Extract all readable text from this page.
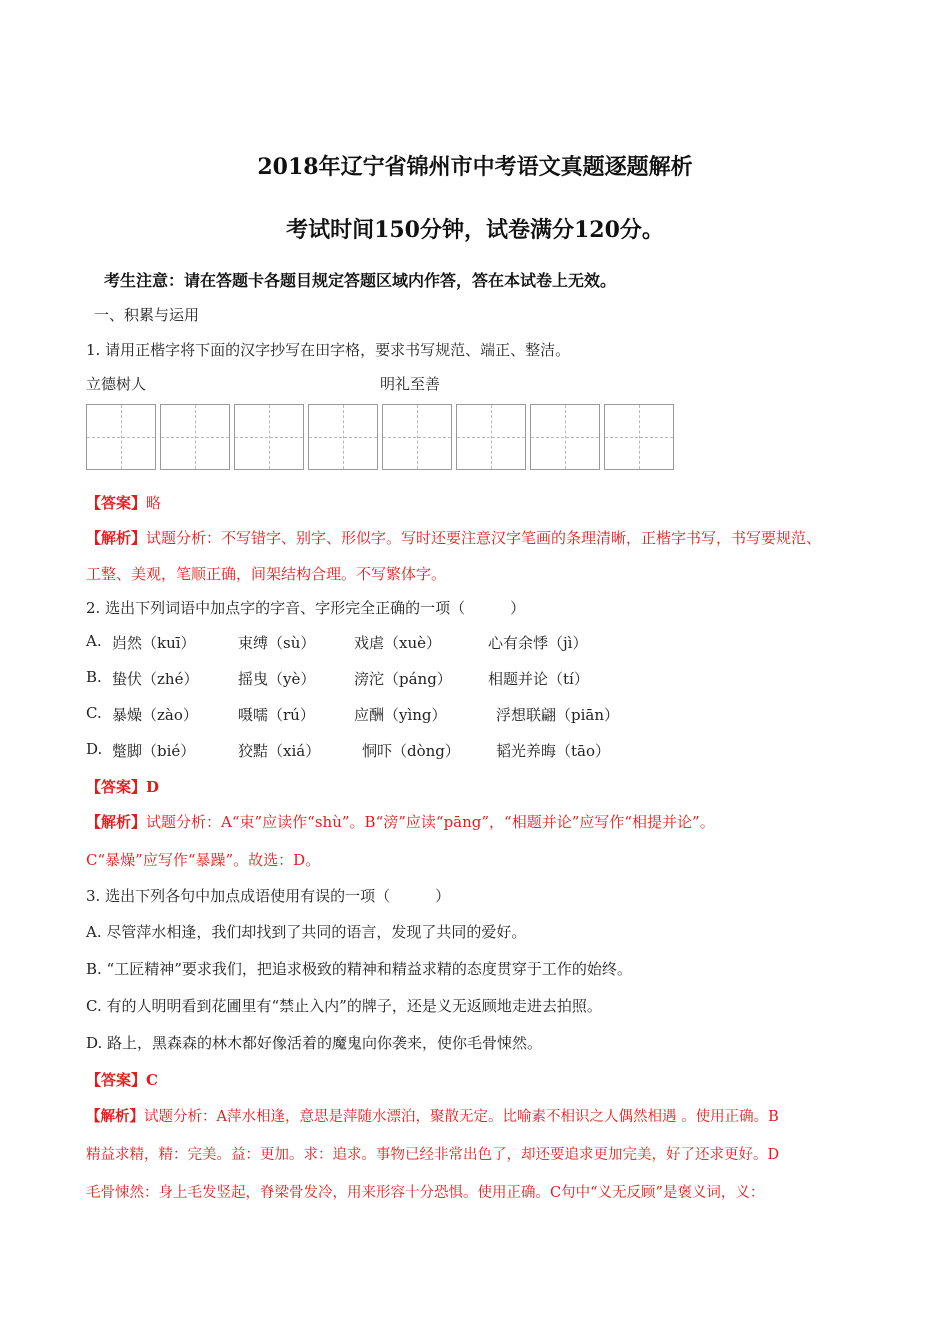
2018年辽宁省锦州市中考语文真题逐题解析
考试时间150分钟，试卷满分120分。
考生注意：请在答题卡各题目规定答题区域内作答，答在本试卷上无效。
一、积累与运用
1. 请用正楷字将下面的汉字抄写在田字格，要求书写规范、端正、整洁。
立德树人	明礼至善
【答案】略
【解析】试题分析：不写错字、别字、形似字。写时还要注意汉字笔画的条理清晰，正楷字书写，书写要规范、
工整、美观，笔顺正确，间架结构合理。不写繁体字。
2. 选出下列词语中加点字的字音、字形完全正确的一项（　　　）
A. 岿然（kuī）	束缚（sù）	戏虐（xuè）	心有余悸（jì）
B. 蛰伏（zhé）	摇曳（yè）	滂沱（páng） 相题并论（tí）
C. 暴燥（zào）	嗫嚅（rú）	应酬（yìng）	浮想联翩（piān）
D. 蹩脚（bié）	狡黠（xiá）	恫吓（dòng） 韬光养晦（tāo）
【答案】D
【解析】试题分析：A“束”应读作“shù”。B“滂”应读“pāng”，“相题并论”应写作“相提并论”。
C“暴燥”应写作“暴躁”。故选：D。
3. 选出下列各句中加点成语使用有误的一项（　　　）
A. 尽管萍水相逢，我们却找到了共同的语言，发现了共同的爱好。
B. “工匠精神”要求我们，把追求极致的精神和精益求精的态度贯穿于工作的始终。
C. 有的人明明看到花圃里有“禁止入内”的牌子，还是义无返顾地走进去拍照。
D. 路上，黑森森的林木都好像活着的魔鬼向你袭来，使你毛骨悚然。
【答案】C
【解析】试题分析：A萍水相逢，意思是萍随水漂泊，聚散无定。比喻素不相识之人偶然相遇 。使用正确。B
精益求精，精：完美。益：更加。求：追求。事物已经非常出色了，却还要追求更加完美，好了还求更好。D
毛骨悚然：身上毛发竖起，脊梁骨发冷，用来形容十分恐惧。使用正确。C句中“义无反顾”是褒义词，义：
